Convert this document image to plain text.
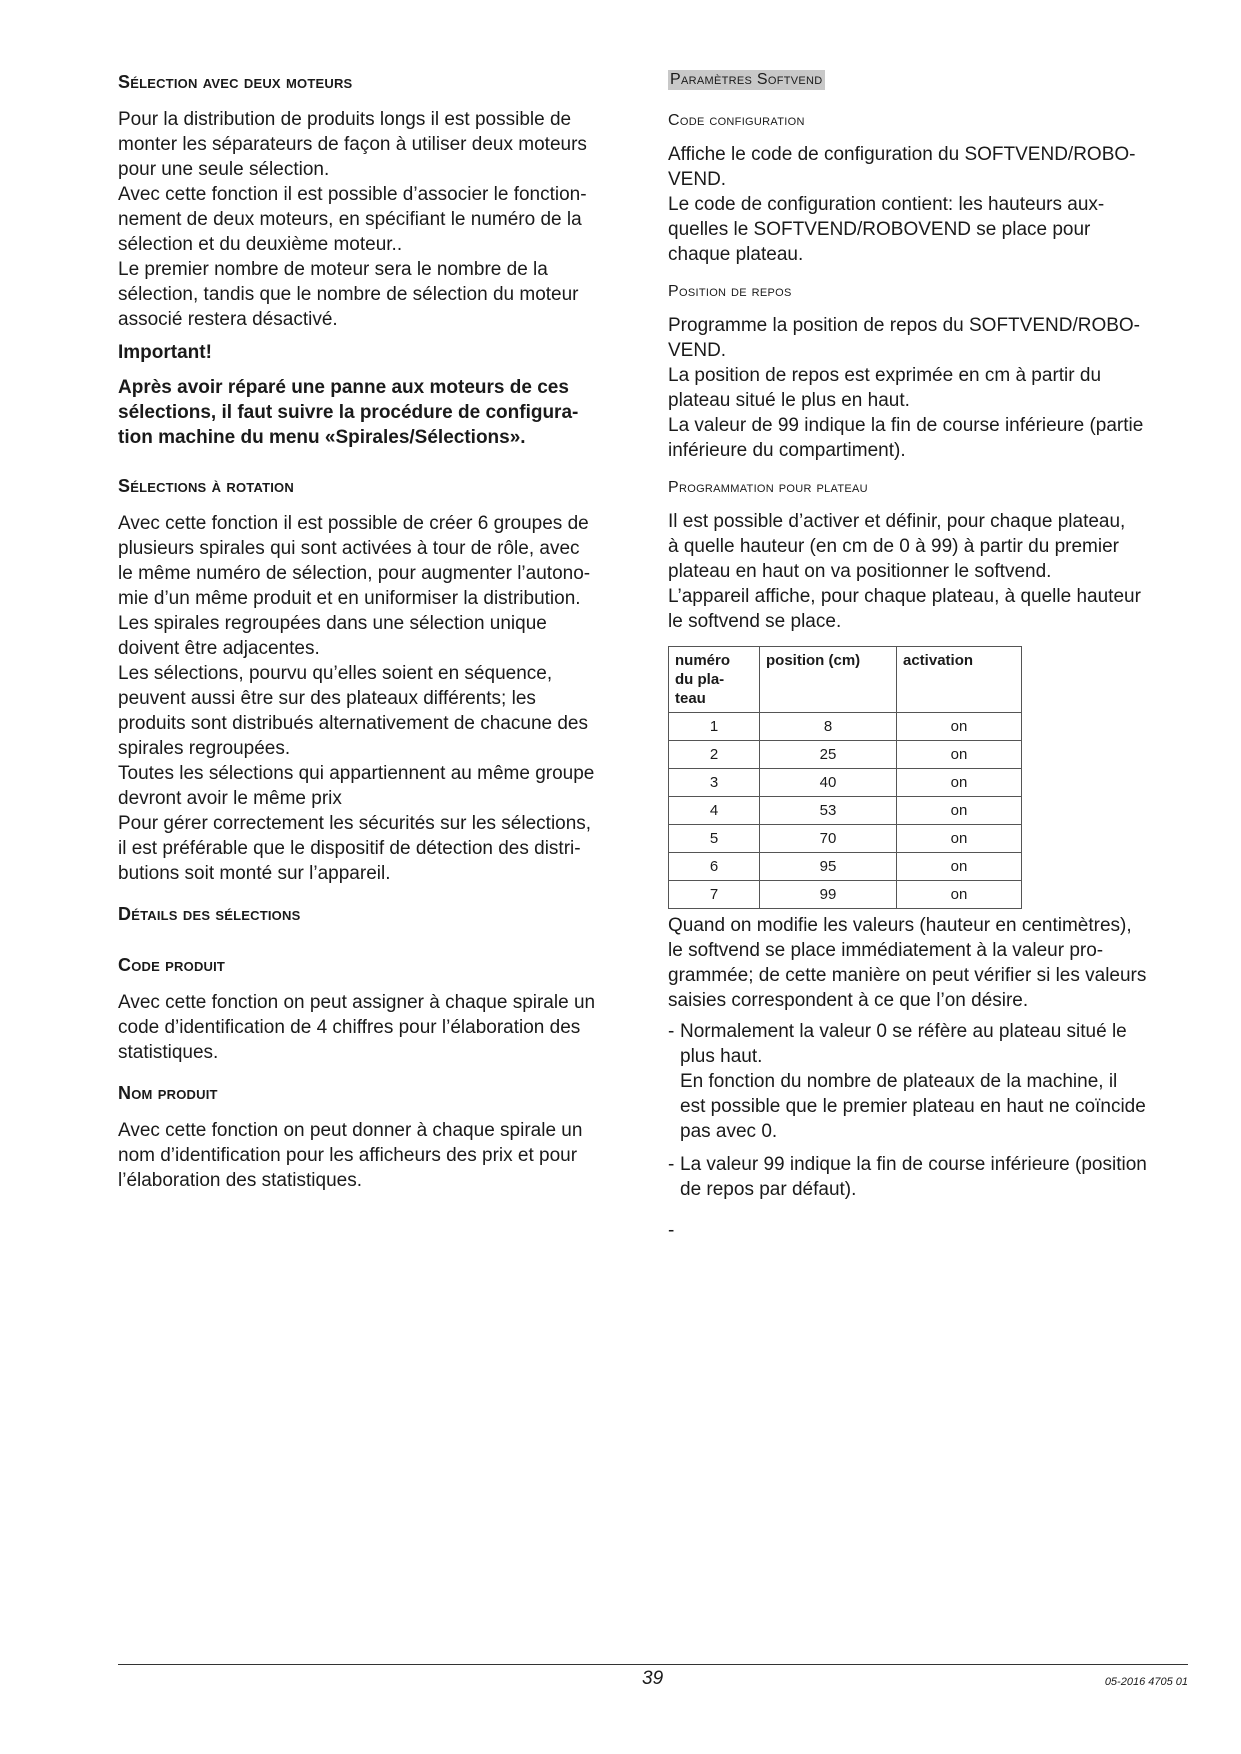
Sélection avec deux moteurs
Pour la distribution de produits longs il est possible de
monter les séparateurs de façon à utiliser deux moteurs
pour une seule sélection.
Avec cette fonction il est possible d’associer le fonction-
nement de deux moteurs, en spécifiant le numéro de la
sélection et du deuxième moteur..
Le premier nombre de moteur sera le nombre de la
sélection, tandis que le nombre de sélection du moteur
associé restera désactivé.
Important!
Après avoir réparé une panne aux moteurs de ces
sélections, il faut suivre la procédure de configura-
tion machine du menu «Spirales/Sélections».
Sélections à rotation
Avec cette fonction il est possible de créer 6 groupes de
plusieurs spirales qui sont activées à tour de rôle, avec
le même numéro de sélection, pour augmenter l’autono-
mie d’un même produit et en uniformiser la distribution.
Les spirales regroupées dans une sélection unique
doivent être adjacentes.
Les sélections, pourvu qu’elles soient en séquence,
peuvent aussi être sur des plateaux différents; les
produits sont distribués alternativement de chacune des
spirales regroupées.
Toutes les sélections qui appartiennent au même groupe
devront avoir le même prix
Pour gérer correctement les sécurités sur les sélections,
il est préférable que le dispositif de détection des distri-
butions soit monté sur l’appareil.
Détails des sélections
Code produit
Avec cette fonction on peut assigner à chaque spirale un
code d’identification de 4 chiffres pour l’élaboration des
statistiques.
Nom produit
Avec cette fonction on peut donner à chaque spirale un
nom d’identification pour les afficheurs des prix et pour
l’élaboration des statistiques.
Paramètres Softvend
Code configuration
Affiche le code de configuration du SOFTVEND/ROBO-
VEND.
Le code de configuration contient: les hauteurs aux-
quelles le SOFTVEND/ROBOVEND se place pour
chaque plateau.
Position de repos
Programme la position de repos du SOFTVEND/ROBO-
VEND.
La position de repos est exprimée en cm à partir du
plateau situé le plus en haut.
La valeur de 99 indique la fin de course inférieure (partie
inférieure du compartiment).
Programmation pour plateau
Il est possible d’activer et définir, pour chaque plateau,
à quelle hauteur (en cm de 0 à 99) à partir du premier
plateau en haut on va positionner le softvend.
L’appareil affiche, pour chaque plateau, à quelle hauteur
le softvend se place.
numéro
du pla-
teau	position (cm)	activation

1	8	on
2	25	on
3	40	on
4	53	on
5	70	on
6	95	on
7	99	on
Quand on modifie les valeurs (hauteur en centimètres),
le softvend se place immédiatement à la valeur pro-
grammée; de cette manière on peut vérifier si les valeurs
saisies correspondent à ce que l’on désire.
- Normalement la valeur 0 se réfère au plateau situé le
plus haut.
En fonction du nombre de plateaux de la machine, il
est possible que le premier plateau en haut ne coïncide
pas avec 0.
- La valeur 99 indique la fin de course inférieure (position
de repos par défaut).
-
39	05-2016 4705 01
